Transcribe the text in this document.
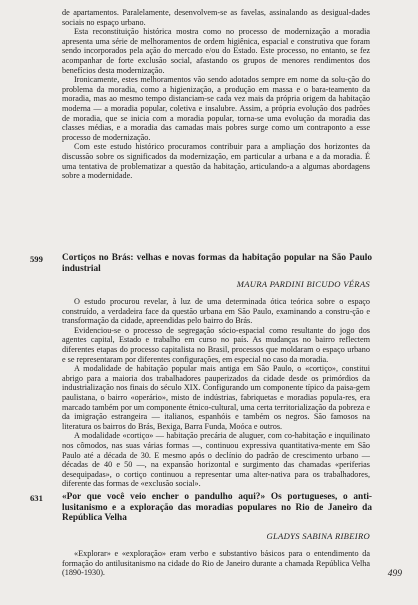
de apartamentos. Paralelamente, desenvolvem-se as favelas, assinalando as desigual-dades sociais no espaço urbano.

Esta reconstituição histórica mostra como no processo de modernização a moradia apresenta uma série de melhoramentos de ordem higiênica, espacial e construtiva que foram sendo incorporados pela ação do mercado e/ou do Estado. Este processo, no entanto, se fez acompanhar de forte exclusão social, afastando os grupos de menores rendimentos dos benefícios desta modernização.

Ironicamente, estes melhoramentos vão sendo adotados sempre em nome da solu-ção do problema da moradia, como a higienização, a produção em massa e o bara-teamento da moradia, mas ao mesmo tempo distanciam-se cada vez mais da própria origem da habitação moderna — a moradia popular, coletiva e insalubre. Assim, a própria evolução dos padrões de moradia, que se inicia com a moradia popular, torna-se uma evolução da moradia das classes médias, e a moradia das camadas mais pobres surge como um contraponto a esse processo de modernização.

Com este estudo histórico procuramos contribuir para a ampliação dos horizontes da discussão sobre os significados da modernização, em particular a urbana e a da moradia. É uma tentativa de problematizar a questão da habitação, articulando-a a algumas abordagens sobre a modernidade.

599 Cortiços no Brás: velhas e novas formas da habitação popular na São Paulo industrial
MAURA PARDINI BICUDO VÉRAS

O estudo procurou revelar, à luz de uma determinada ótica teórica sobre o espaço construído, a verdadeira face da questão urbana em São Paulo, examinando a constru-ção e transformação da cidade, apreendidas pelo bairro do Brás.

Evidenciou-se o processo de segregação sócio-espacial como resultante do jogo dos agentes capital, Estado e trabalho em curso no país. As mudanças no bairro reflectem diferentes etapas do processo capitalista no Brasil, processos que moldaram o espaço urbano e se representaram por diferentes configurações, em especial no caso da moradia.

A modalidade de habitação popular mais antiga em São Paulo, o «cortiço», constitui abrigo para a maioria dos trabalhadores pauperizados da cidade desde os primórdios da industrialização nos finais do século XIX. Configurando um componente típico da paisa-gem paulistana, o bairro «operário», misto de indústrias, fabriquetas e moradias popula-res, era marcado também por um componente étnico-cultural, uma certa territorialização da pobreza e da imigração estrangeira — italianos, espanhóis e também os negros. São famosos na literatura os bairros do Brás, Bexiga, Barra Funda, Moóca e outros.

A modalidade «cortiço» — habitação precária de aluguer, com co-habitação e inquilinato nos cômodos, nas suas várias formas —, continuou expressiva quantitativa-mente em São Paulo até a década de 30. E mesmo após o declínio do padrão de crescimento urbano — décadas de 40 e 50 —, na expansão horizontal e surgimento das chamadas «periferias desequipadas», o cortiço continuou a representar uma alter-nativa para os trabalhadores, diferente das formas de «exclusão social».

631 «Por que você veio encher o pandulho aqui?» Os portugueses, o anti-lusitanismo e a exploração das moradias populares no Rio de Janeiro da República Velha
GLADYS SABINA RIBEIRO

«Explorar» e «exploração» eram verbo e substantivo básicos para o entendimento da formação do antilusitanismo na cidade do Rio de Janeiro durante a chamada República Velha (1890-1930).	499
